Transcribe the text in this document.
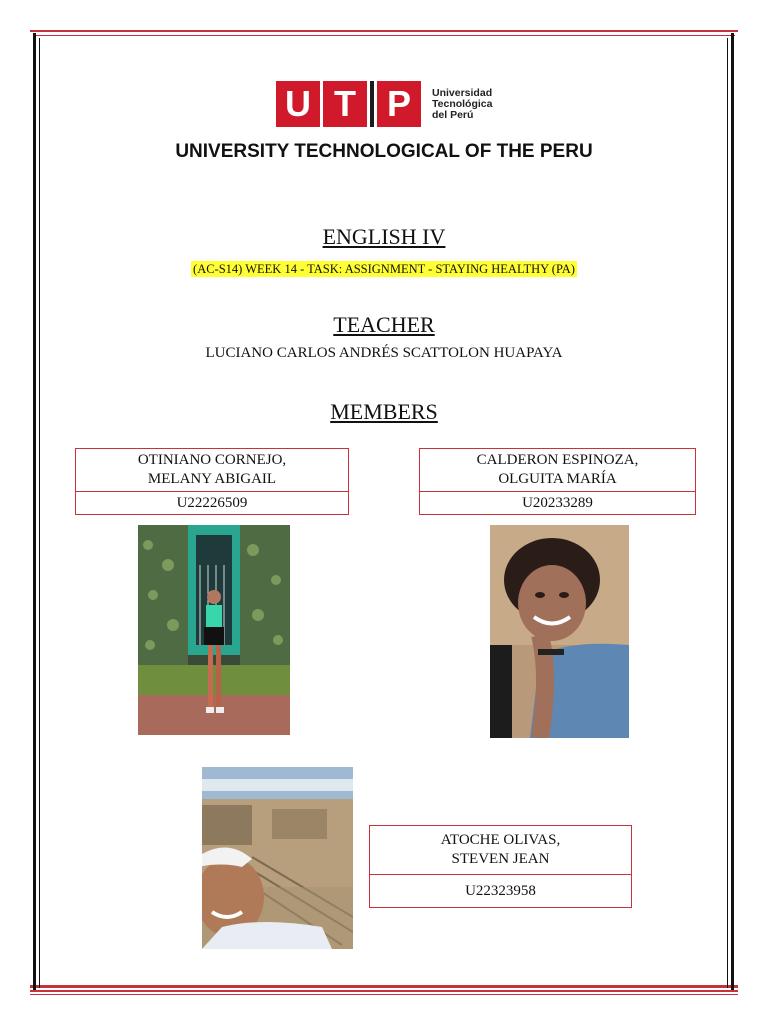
U T P	Universidad
Tecnológica
del Perú
UNIVERSITY TECHNOLOGICAL OF THE PERU
ENGLISH IV
(AC-S14) WEEK 14 - TASK: ASSIGNMENT - STAYING HEALTHY (PA)
TEACHER
LUCIANO CARLOS ANDRÉS SCATTOLON HUAPAYA
MEMBERS
OTINIANO CORNEJO,
MELANY ABIGAIL
U22226509
CALDERON ESPINOZA,
OLGUITA MARÍA
U20233289
ATOCHE OLIVAS,
STEVEN JEAN
U22323958
